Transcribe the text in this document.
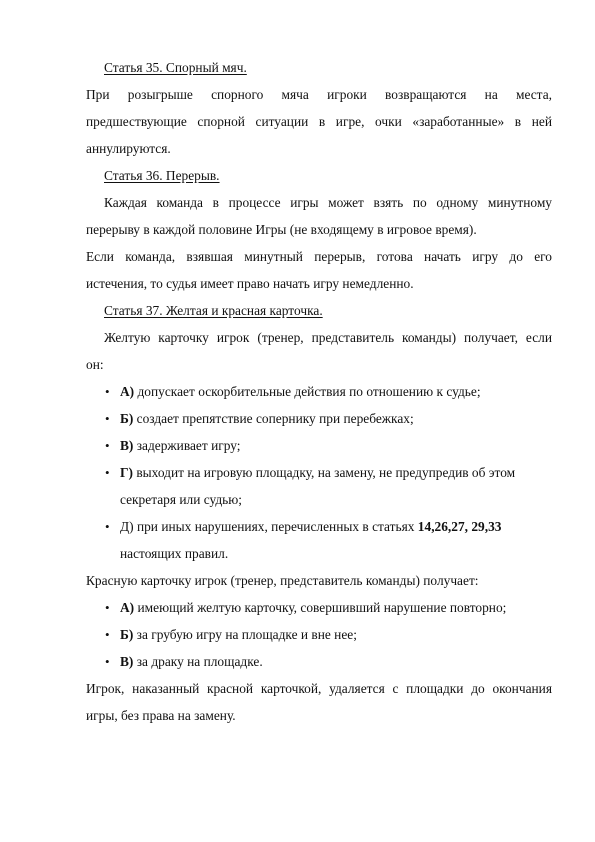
Статья 35. Спорный мяч.

При розыгрыше спорного мяча игроки возвращаются на места,
предшествующие спорной ситуации в игре, очки «заработанные» в ней
аннулируются.

Статья 36. Перерыв.

Каждая команда в процессе игры может взять по одному минутному
перерыву в каждой половине Игры (не входящему в игровое время).

Если команда, взявшая минутный перерыв, готова начать игру до его
истечения, то судья имеет право начать игру немедленно.

Статья 37. Желтая и красная карточка.

Желтую карточку игрок (тренер, представитель команды) получает, если
он:

• А) допускает оскорбительные действия по отношению к судье;
• Б) создает препятствие сопернику при перебежках;
• В) задерживает игру;
• Г) выходит на игровую площадку, на замену, не предупредив об этом
секретаря или судью;
• Д) при иных нарушениях, перечисленных в статьях 14,26,27, 29,33
настоящих правил.

Красную карточку игрок (тренер, представитель команды) получает:

• А) имеющий желтую карточку, совершивший нарушение повторно;
• Б) за грубую игру на площадке и вне нее;
• В) за драку на площадке.

Игрок, наказанный красной карточкой, удаляется с площадки до окончания
игры, без права на замену.
